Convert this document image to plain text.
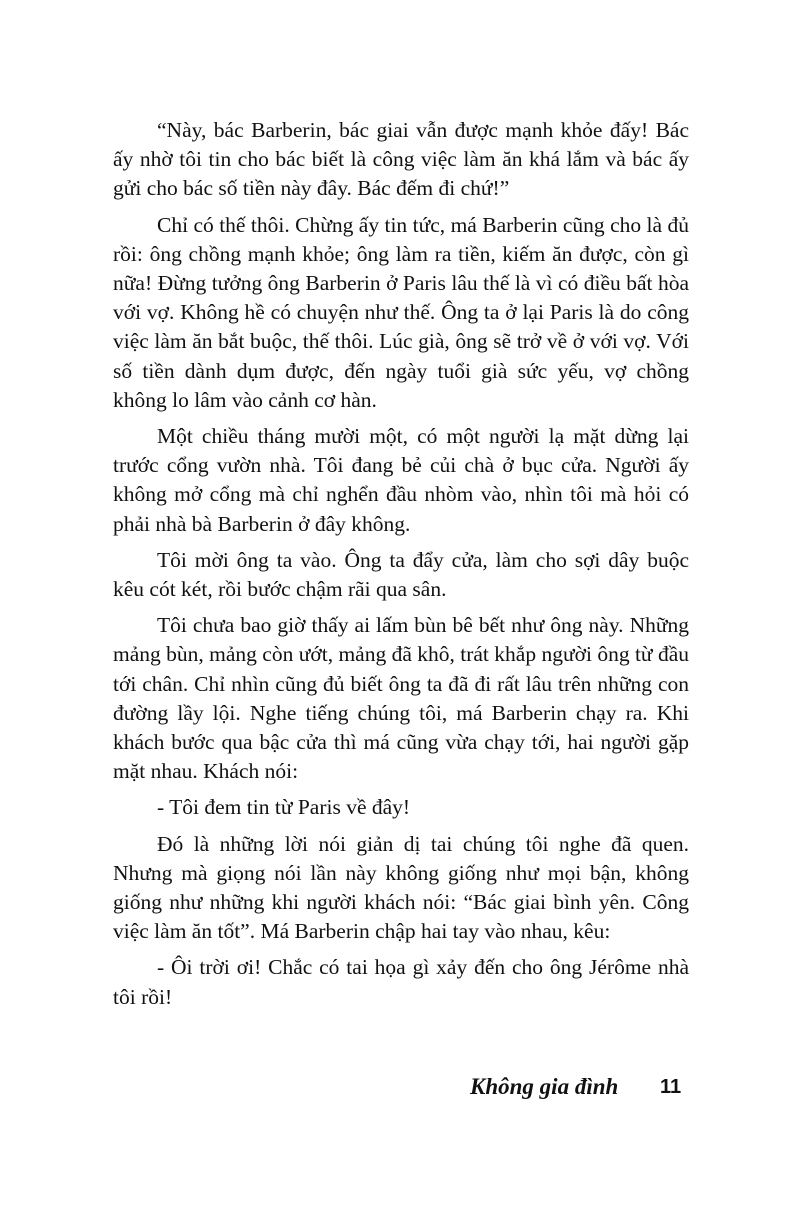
“Này, bác Barberin, bác giai vẫn được mạnh khỏe đấy! Bác ấy nhờ tôi tin cho bác biết là công việc làm ăn khá lắm và bác ấy gửi cho bác số tiền này đây. Bác đếm đi chứ!”

Chỉ có thế thôi. Chừng ấy tin tức, má Barberin cũng cho là đủ rồi: ông chồng mạnh khỏe; ông làm ra tiền, kiếm ăn được, còn gì nữa! Đừng tưởng ông Barberin ở Paris lâu thế là vì có điều bất hòa với vợ. Không hề có chuyện như thế. Ông ta ở lại Paris là do công việc làm ăn bắt buộc, thế thôi. Lúc già, ông sẽ trở về ở với vợ. Với số tiền dành dụm được, đến ngày tuổi già sức yếu, vợ chồng không lo lâm vào cảnh cơ hàn.

Một chiều tháng mười một, có một người lạ mặt dừng lại trước cổng vườn nhà. Tôi đang bẻ củi chà ở bục cửa. Người ấy không mở cổng mà chỉ nghển đầu nhòm vào, nhìn tôi mà hỏi có phải nhà bà Barberin ở đây không.

Tôi mời ông ta vào. Ông ta đẩy cửa, làm cho sợi dây buộc kêu cót két, rồi bước chậm rãi qua sân.

Tôi chưa bao giờ thấy ai lấm bùn bê bết như ông này. Những mảng bùn, mảng còn ướt, mảng đã khô, trát khắp người ông từ đầu tới chân. Chỉ nhìn cũng đủ biết ông ta đã đi rất lâu trên những con đường lầy lội. Nghe tiếng chúng tôi, má Barberin chạy ra. Khi khách bước qua bậc cửa thì má cũng vừa chạy tới, hai người gặp mặt nhau. Khách nói:

- Tôi đem tin từ Paris về đây!

Đó là những lời nói giản dị tai chúng tôi nghe đã quen. Nhưng mà giọng nói lần này không giống như mọi bận, không giống như những khi người khách nói: “Bác giai bình yên. Công việc làm ăn tốt”. Má Barberin chập hai tay vào nhau, kêu:

- Ôi trời ơi! Chắc có tai họa gì xảy đến cho ông Jérôme nhà tôi rồi!

Không gia đình 11
